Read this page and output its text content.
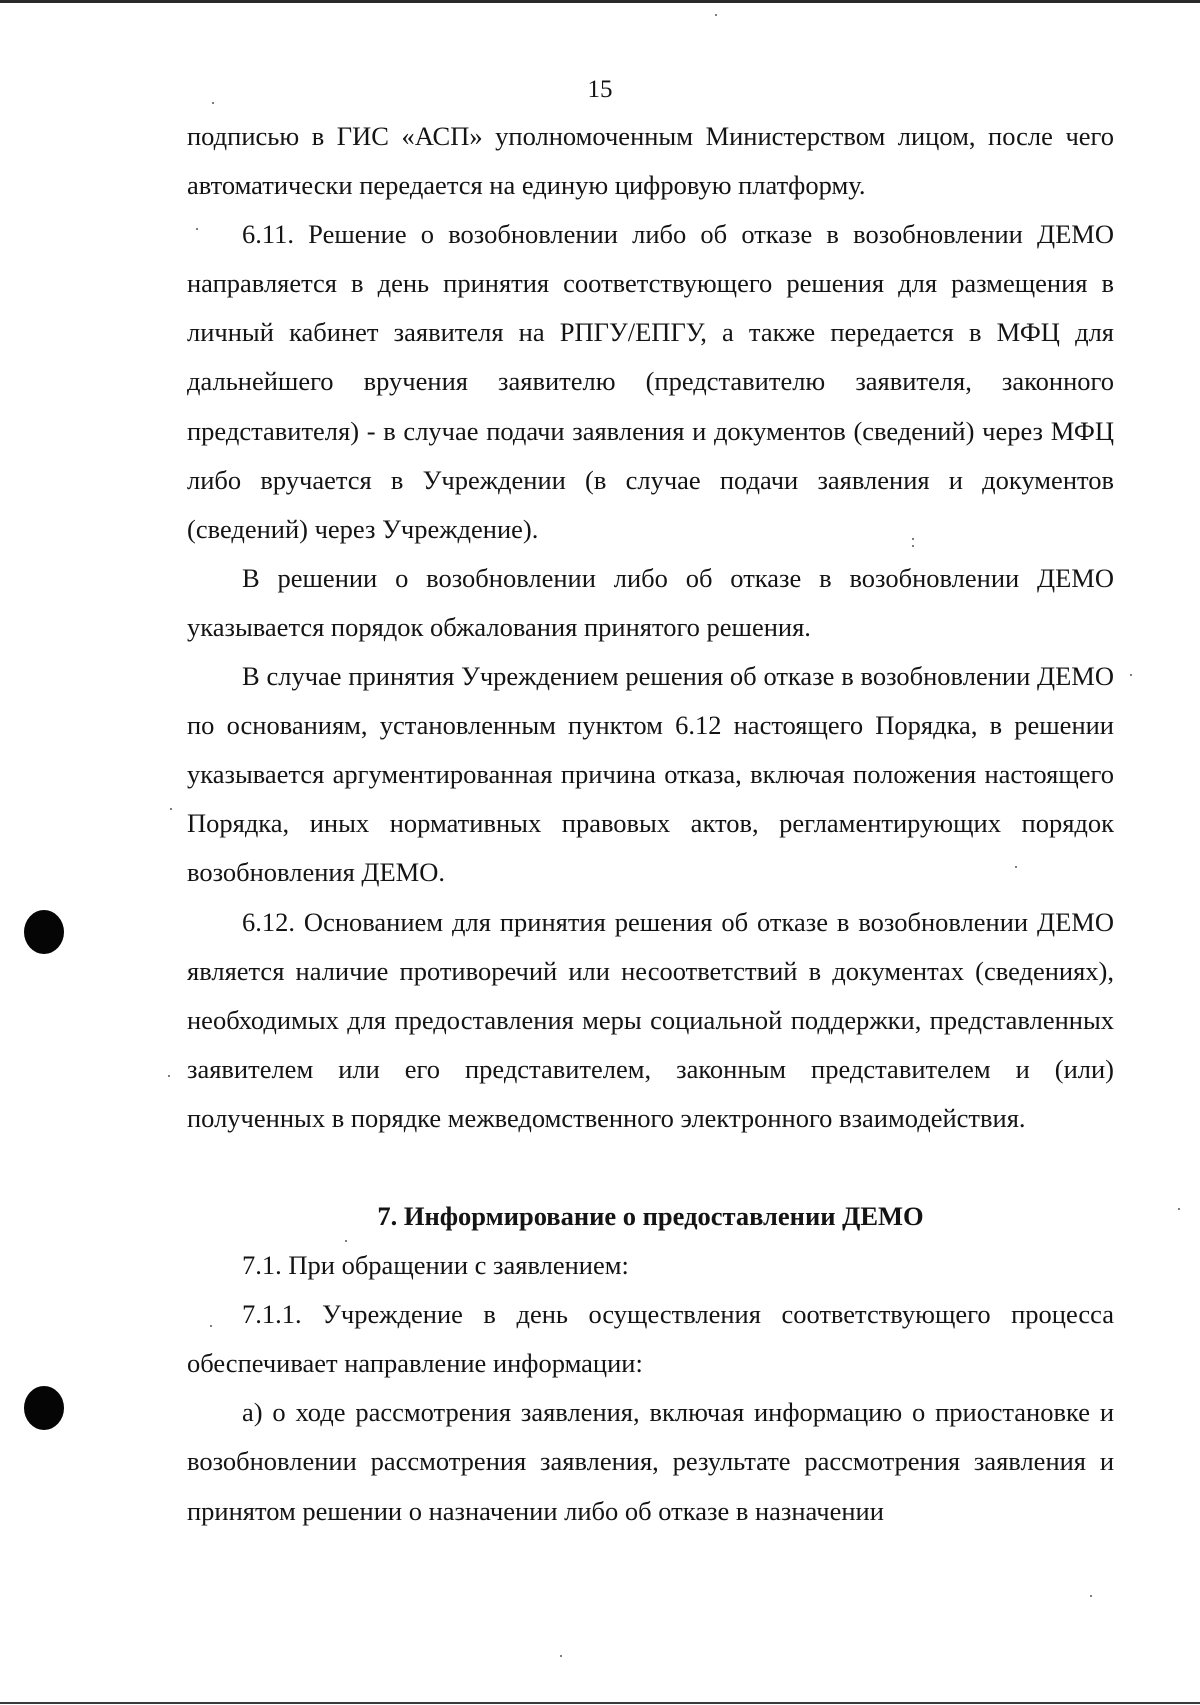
15

подписью в ГИС «АСП» уполномоченным Министерством лицом, после чего автоматически передается на единую цифровую платформу.

6.11. Решение о возобновлении либо об отказе в возобновлении ДЕМО направляется в день принятия соответствующего решения для размещения в личный кабинет заявителя на РПГУ/ЕПГУ, а также передается в МФЦ для дальнейшего вручения заявителю (представителю заявителя, законного представителя) - в случае подачи заявления и документов (сведений) через МФЦ либо вручается в Учреждении (в случае подачи заявления и документов (сведений) через Учреждение).

В решении о возобновлении либо об отказе в возобновлении ДЕМО указывается порядок обжалования принятого решения.

В случае принятия Учреждением решения об отказе в возобновлении ДЕМО по основаниям, установленным пунктом 6.12 настоящего Порядка, в решении указывается аргументированная причина отказа, включая положения настоящего Порядка, иных нормативных правовых актов, регламентирующих порядок возобновления ДЕМО.

6.12. Основанием для принятия решения об отказе в возобновлении ДЕМО является наличие противоречий или несоответствий в документах (сведениях), необходимых для предоставления меры социальной поддержки, представленных заявителем или его представителем, законным представителем и (или) полученных в порядке межведомственного электронного взаимодействия.

7. Информирование о предоставлении ДЕМО

7.1. При обращении с заявлением:

7.1.1. Учреждение в день осуществления соответствующего процесса обеспечивает направление информации:

а) о ходе рассмотрения заявления, включая информацию о приостановке и возобновлении рассмотрения заявления, результате рассмотрения заявления и принятом решении о назначении либо об отказе в назначении
